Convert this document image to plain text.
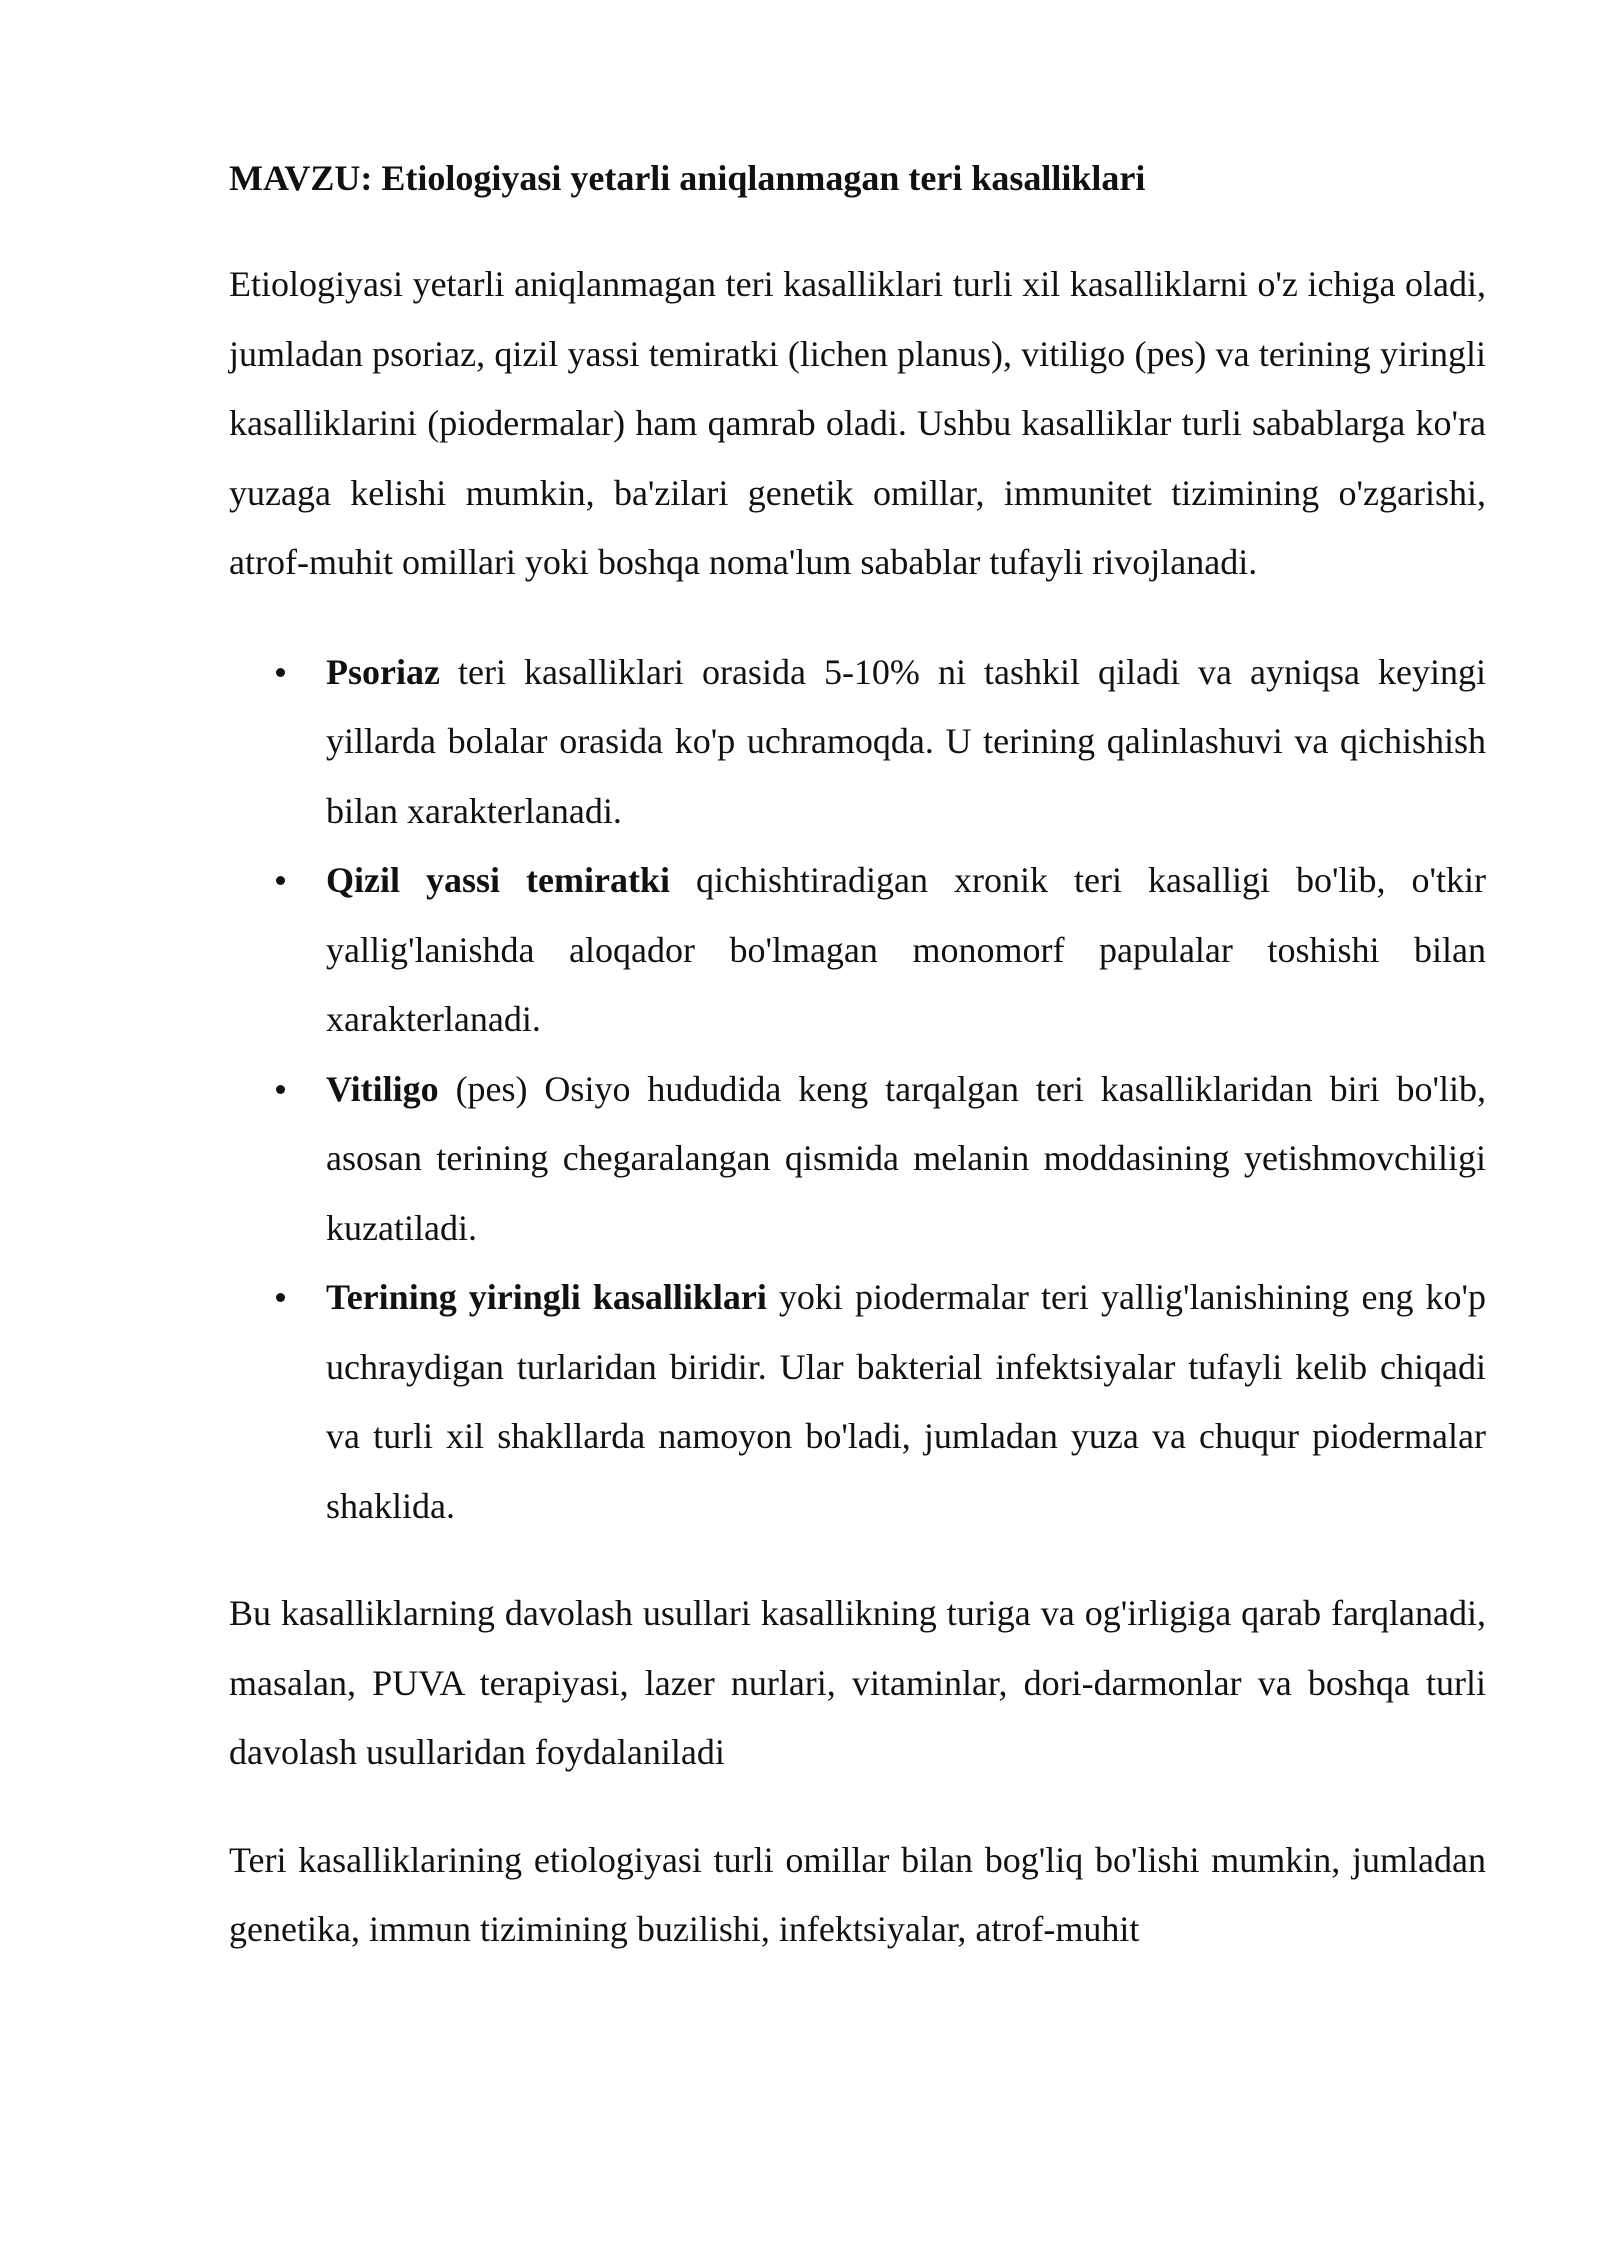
MAVZU: Etiologiyasi yetarli aniqlanmagan teri kasalliklari

Etiologiyasi yetarli aniqlanmagan teri kasalliklari turli xil kasalliklarni o'z ichiga oladi, jumladan psoriaz, qizil yassi temiratki (lichen planus), vitiligo (pes) va terining yiringli kasalliklarini (piodermalar) ham qamrab oladi. Ushbu kasalliklar turli sabablarga ko'ra yuzaga kelishi mumkin, ba'zilari genetik omillar, immunitet tizimining o'zgarishi, atrof-muhit omillari yoki boshqa noma'lum sabablar tufayli rivojlanadi.

Psoriaz teri kasalliklari orasida 5-10% ni tashkil qiladi va ayniqsa keyingi yillarda bolalar orasida ko'p uchramoqda. U terining qalinlashuvi va qichishish bilan xarakterlanadi.
Qizil yassi temiratki qichishtiradigan xronik teri kasalligi bo'lib, o'tkir yallig'lanishda aloqador bo'lmagan monomorf papulalar toshishi bilan xarakterlanadi.
Vitiligo (pes) Osiyo hududida keng tarqalgan teri kasalliklaridan biri bo'lib, asosan terining chegaralangan qismida melanin moddasining yetishmovchiligi kuzatiladi.
Terining yiringli kasalliklari yoki piodermalar teri yallig'lanishining eng ko'p uchraydigan turlaridan biridir. Ular bakterial infektsiyalar tufayli kelib chiqadi va turli xil shakllarda namoyon bo'ladi, jumladan yuza va chuqur piodermalar shaklida.

Bu kasalliklarning davolash usullari kasallikning turiga va og'irligiga qarab farqlanadi, masalan, PUVA terapiyasi, lazer nurlari, vitaminlar, dori-darmonlar va boshqa turli davolash usullaridan foydalaniladi

Teri kasalliklarining etiologiyasi turli omillar bilan bog'liq bo'lishi mumkin, jumladan genetika, immun tizimining buzilishi, infektsiyalar, atrof-muhit
